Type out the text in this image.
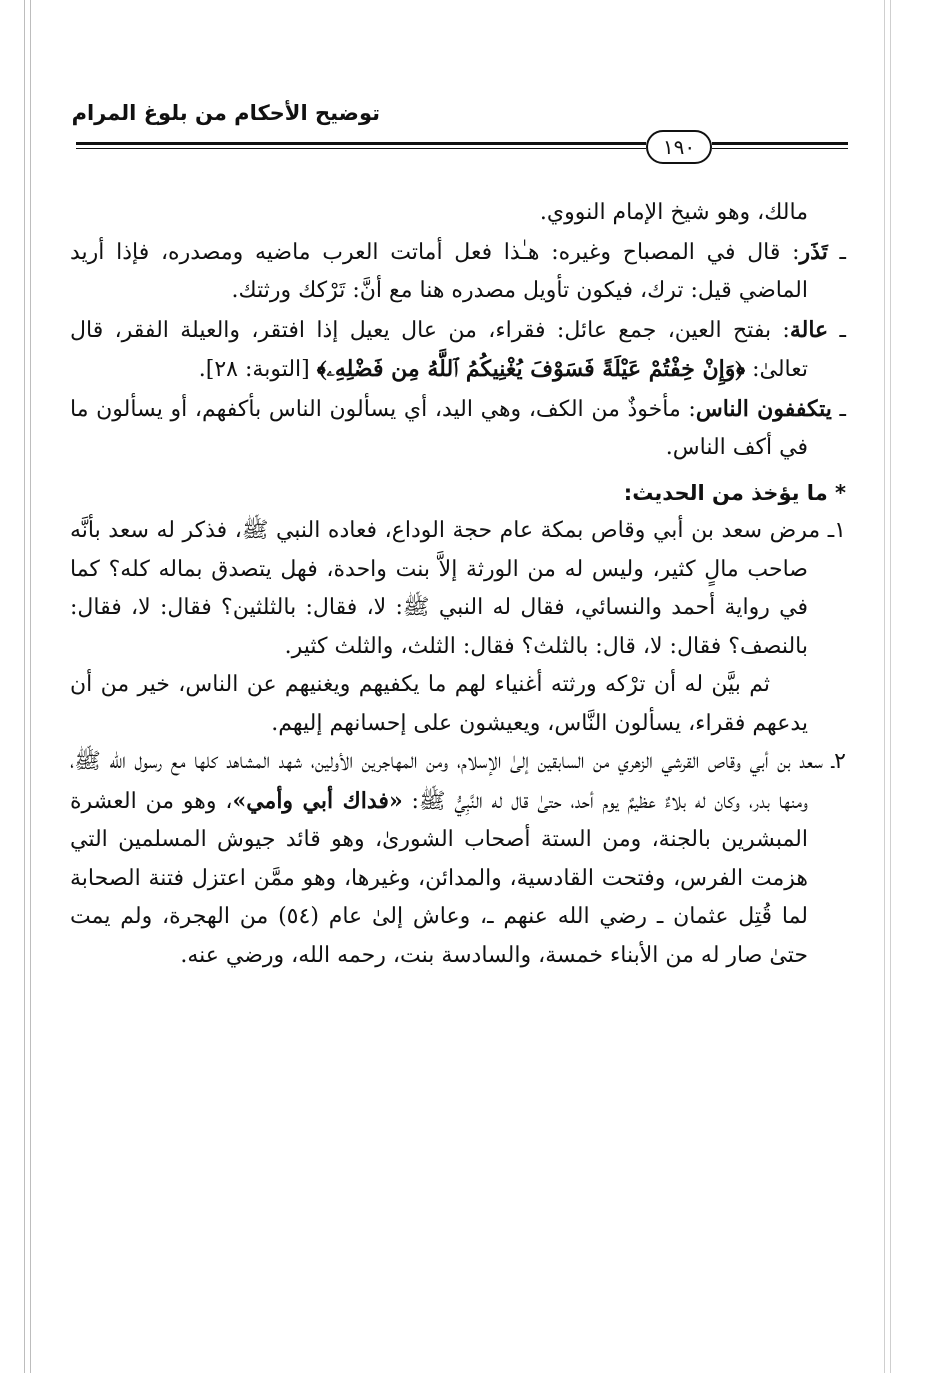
توضيح الأحكام من بلوغ المرام
١٩٠

مالك، وهو شيخ الإمام النووي.

ـ تَذَر: قال في المصباح وغيره: هـٰذا فعل أماتت العرب ماضيه ومصدره، فإذا أريد الماضي قيل: ترك، فيكون تأويل مصدره هنا مع أنَّ: تَرْكك ورثتك.

ـ عالة: بفتح العين، جمع عائل: فقراء، من عال يعيل إذا افتقر، والعيلة الفقر، قال تعالىٰ: ﴿وَإِنْ خِفْتُمْ عَيْلَةً فَسَوْفَ يُغْنِيكُمُ ٱللَّهُ مِن فَضْلِهِۦ﴾ [التوبة: ٢٨].

ـ يتكففون الناس: مأخوذٌ من الكف، وهي اليد، أي يسألون الناس بأكفهم، أو يسألون ما في أكف الناس.

* ما يؤخذ من الحديث:

١ـ مرض سعد بن أبي وقاص بمكة عام حجة الوداع، فعاده النبي ﷺ، فذكر له سعد بأنَّه صاحب مالٍ كثير، وليس له من الورثة إلاَّ بنت واحدة، فهل يتصدق بماله كله؟ كما في رواية أحمد والنسائي، فقال له النبي ﷺ: لا، فقال: بالثلثين؟ فقال: لا، فقال: بالنصف؟ فقال: لا، قال: بالثلث؟ فقال: الثلث، والثلث كثير.

ثم بيَّن له أن ترْكه ورثته أغنياء لهم ما يكفيهم ويغنيهم عن الناس، خير من أن يدعهم فقراء، يسألون النَّاس، ويعيشون على إحسانهم إليهم.

٢ـ سعد بن أبي وقاص القرشي الزهري من السابقين إلىٰ الإسلام، ومن المهاجرين الأولين، شهد المشاهد كلها مع رسول الله ﷺ، ومنها بدر، وكان له بلاءٌ عظيمٌ يوم أحد، حتىٰ قال له النَّبِيُّ ﷺ: «فداك أبي وأمي»، وهو من العشرة المبشرين بالجنة، ومن الستة أصحاب الشورىٰ، وهو قائد جيوش المسلمين التي هزمت الفرس، وفتحت القادسية، والمدائن، وغيرها، وهو ممَّن اعتزل فتنة الصحابة لما قُتِل عثمان ـ رضي الله عنهم ـ، وعاش إلىٰ عام (٥٤) من الهجرة، ولم يمت حتىٰ صار له من الأبناء خمسة، والسادسة بنت، رحمه الله، ورضي عنه.
